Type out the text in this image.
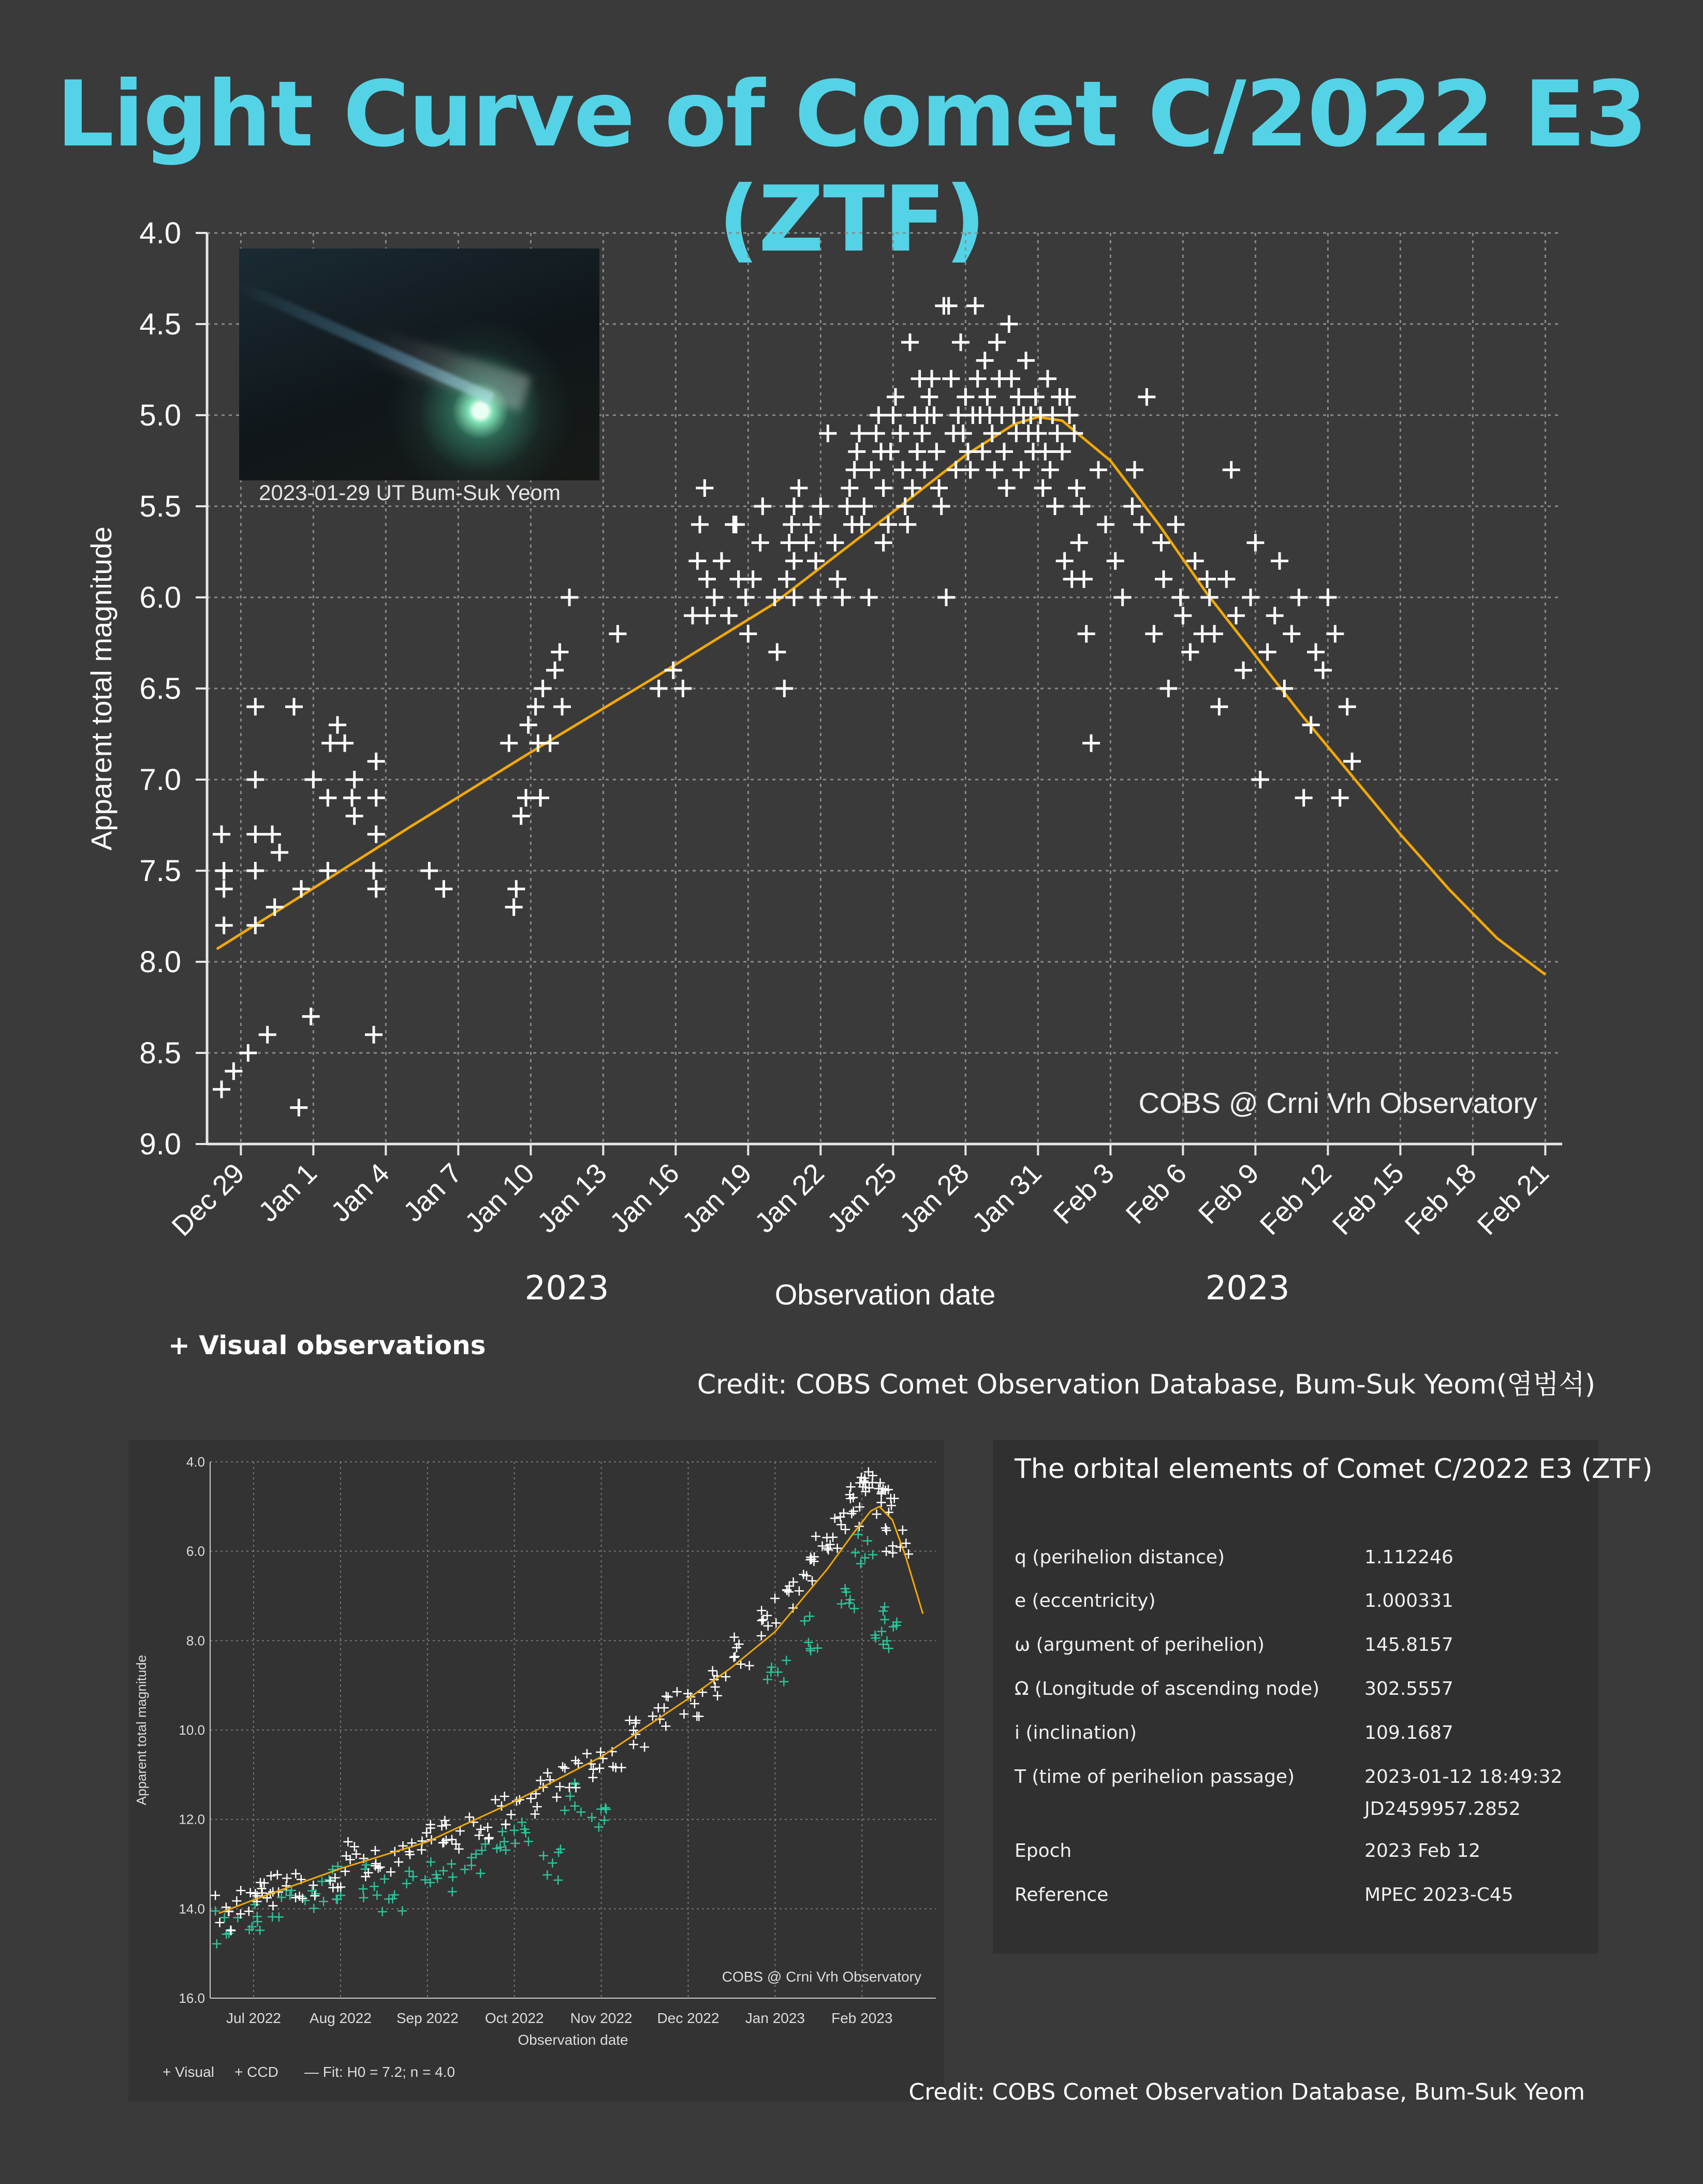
Light Curve of Comet C/2022 E3 (ZTF)
4.0
4.5
5.0
5.5
6.0
6.5
7.0
7.5
8.0
8.5
9.0
Dec 29 Jan 1 Jan 4 Jan 7
Jan 10
Jan 13
Jan 16
Jan 19
Jan 22
Jan 25
Jan 28
Jan 31 Feb 3 Feb 6 Feb 9
Feb 12
Feb 15
Feb 18
Feb 21
Apparent total magnitude
Observation date
2023	2023
COBS @ Crni Vrh Observatory
2023-01-29 UT Bum-Suk Yeom
+ Visual observations
Credit: COBS Comet Observation Database, Bum-Suk Yeom(염범석)
4.0
6.0
8.0
10.0
12.0
14.0
16.0
Jul 2022 Aug 2022 Sep 2022 Oct 2022 Nov 2022 Dec 2022 Jan 2023 Feb 2023
Apparent total magnitude
Observation date
COBS @ Crni Vrh Observatory
+ Visual + CCD — Fit: H0 = 7.2; n = 4.0
The orbital elements of Comet C/2022 E3 (ZTF)
q (perihelion distance)	1.112246
e (eccentricity)	1.000331
ω (argument of perihelion)	145.8157
Ω (Longitude of ascending node) 302.5557
i (inclination)	109.1687
T (time of perihelion passage)	2023-01-12 18:49:32
JD2459957.2852
Epoch	2023 Feb 12
Reference	MPEC 2023-C45
Credit: COBS Comet Observation Database, Bum-Suk Yeom
